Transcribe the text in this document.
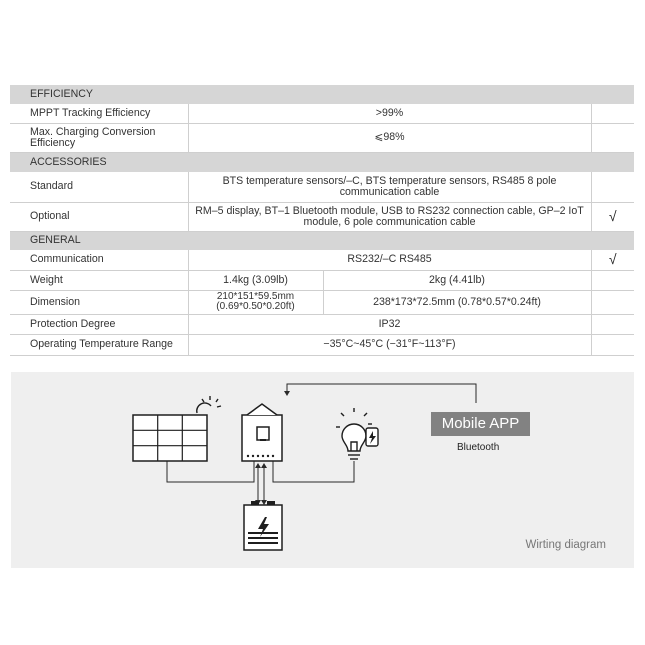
EFFICIENCY			
MPPT Tracking Efficiency	>99%		
Max. Charging Conversion Efficiency	⩽98%		
ACCESSORIES			
Standard	BTS temperature sensors/–C, BTS temperature sensors, RS485 8 pole communication cable		
Optional	RM–5 display, BT–1 Bluetooth module, USB to RS232 connection cable, GP–2 IoT module, 6 pole communication cable		√
GENERAL			
Communication	RS232/–C RS485		√
Weight	1.4kg (3.09lb)	2kg (4.41lb)	
Dimension	210*151*59.5mm (0.69*0.50*0.20ft)	238*173*72.5mm (0.78*0.57*0.24ft)	
Protection Degree	IP32		
Operating Temperature Range	−35°C~45°C (−31°F~113°F)		
Mobile APP
Bluetooth
Wirting diagram
